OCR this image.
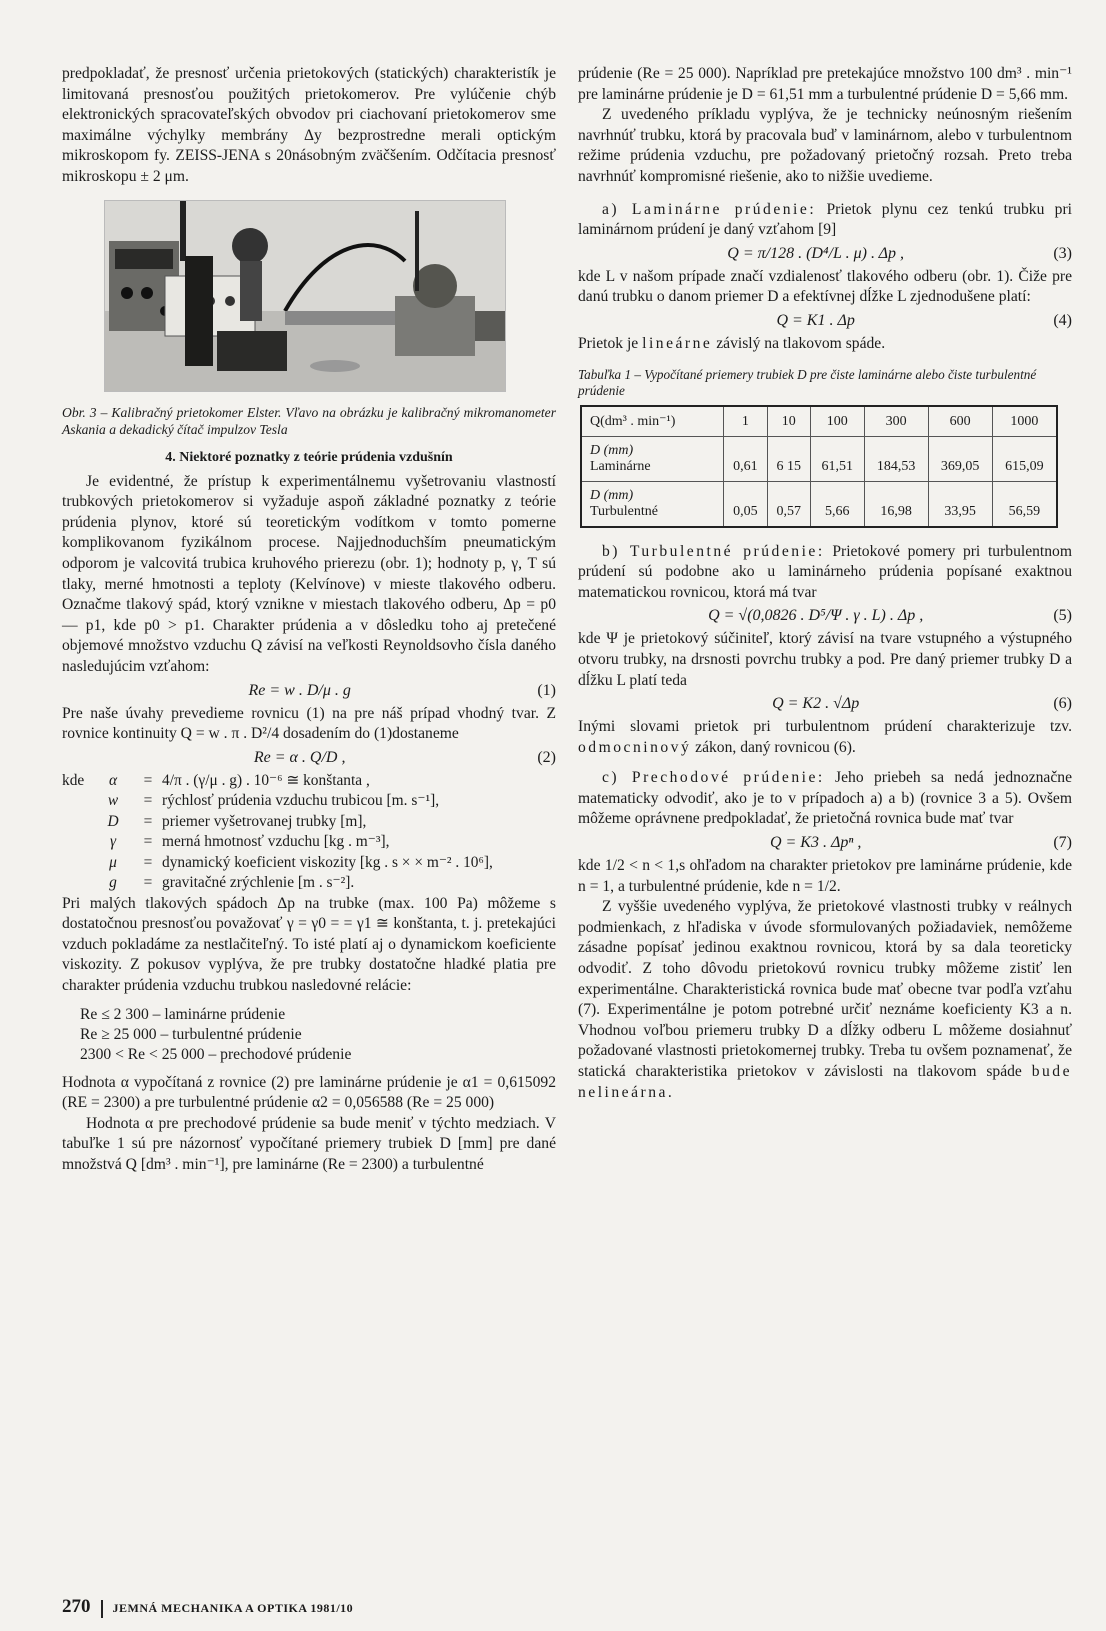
predpokladať, že presnosť určenia prietokových (statických) charakteristík je limitovaná presnosťou použitých prietokomerov. Pre vylúčenie chýb elektronických spracovateľských obvodov pri ciachovaní prietokomerov sme maximálne výchylky membrány Δy bezprostredne merali optickým mikroskopom fy. ZEISS-JENA s 20násobným zväčšením. Odčítacia presnosť mikroskopu ± 2 μm.

Obr. 3 – Kalibračný prietokomer Elster. Vľavo na obrázku je kalibračný mikromanometer Askania a dekadický čítač impulzov Tesla

4. Niektoré poznatky z teórie prúdenia vzdušnín

Je evidentné, že prístup k experimentálnemu vyšetrovaniu vlastností trubkových prietokomerov si vyžaduje aspoň základné poznatky z teórie prúdenia plynov, ktoré sú teoretickým vodítkom v tomto pomerne komplikovanom fyzikálnom procese. Najjednoduchším pneumatickým odporom je valcovitá trubica kruhového prierezu (obr. 1); hodnoty p, γ, T sú tlaky, merné hmotnosti a teploty (Kelvínove) v mieste tlakového odberu. Označme tlakový spád, ktorý vznikne v miestach tlakového odberu, Δp = p0 — p1, kde p0 > p1. Charakter prúdenia a v dôsledku toho aj pretečené objemové množstvo vzduchu Q závisí na veľkosti Reynoldsovho čísla daného nasledujúcim vzťahom:

Re = w . D/μ . g	(1)

Pre naše úvahy prevedieme rovnicu (1) na pre náš prípad vhodný tvar. Z rovnice kontinuity Q = w . π . D²/4 dosadením do (1)dostaneme

Re = α . Q/D ,	(2)
kde	α	= 4/π . (γ/μ . g) . 10⁻⁶ ≅ konštanta ,
w	= rýchlosť prúdenia vzduchu trubicou [m. s⁻¹],
D	= priemer vyšetrovanej trubky [m],
γ	= merná hmotnosť vzduchu [kg . m⁻³],
μ	= dynamický koeficient viskozity [kg . s × × m⁻² . 10⁶],
g	= gravitačné zrýchlenie [m . s⁻²].

Pri malých tlakových spádoch Δp na trubke (max. 100 Pa) môžeme s dostatočnou presnosťou považovať γ = γ0 = = γ1 ≅ konštanta, t. j. pretekajúci vzduch pokladáme za nestlačiteľný. To isté platí aj o dynamickom koeficiente viskozity. Z pokusov vyplýva, že pre trubky dostatočne hladké platia pre charakter prúdenia vzduchu trubkou nasledovné relácie:

Re ≤ 2 300 – laminárne prúdenie
Re ≥ 25 000 – turbulentné prúdenie
2300 < Re < 25 000 – prechodové prúdenie

Hodnota α vypočítaná z rovnice (2) pre laminárne prúdenie je α1 = 0,615092 (RE = 2300) a pre turbulentné prúdenie α2 = 0,056588 (Re = 25 000)

Hodnota α pre prechodové prúdenie sa bude meniť v týchto medziach. V tabuľke 1 sú pre názornosť vypočítané priemery trubiek D [mm] pre dané množstvá Q [dm³ . min⁻¹], pre laminárne (Re = 2300) a turbulentné

prúdenie (Re = 25 000). Napríklad pre pretekajúce množstvo 100 dm³ . min⁻¹ pre laminárne prúdenie je D = 61,51 mm a turbulentné prúdenie D = 5,66 mm.

Z uvedeného príkladu vyplýva, že je technicky neúnosným riešením navrhnúť trubku, ktorá by pracovala buď v laminárnom, alebo v turbulentnom režime prúdenia vzduchu, pre požadovaný prietočný rozsah. Preto treba navrhnúť kompromisné riešenie, ako to nižšie uvedieme.

a) Laminárne prúdenie: Prietok plynu cez tenkú trubku pri laminárnom prúdení je daný vzťahom [9]

Q = π/128 . (D⁴/L . μ) . Δp ,	(3)

kde L v našom prípade značí vzdialenosť tlakového odberu (obr. 1). Čiže pre danú trubku o danom priemer D a efektívnej dĺžke L zjednodušene platí:

Q = K1 . Δp	(4)

Prietok je lineárne závislý na tlakovom spáde.

Tabuľka 1 – Vypočítané priemery trubiek D pre čiste laminárne alebo čiste turbulentné prúdenie
Q(dm³ . min⁻¹)	1	10	100	300	600	1000

D (mm)
Laminárne	0,61	6 15	61,51	184,53	369,05	615,09

D (mm)
Turbulentné	0,05	0,57	5,66	16,98	33,95	56,59

b) Turbulentné prúdenie: Prietokové pomery pri turbulentnom prúdení sú podobne ako u laminárneho prúdenia popísané exaktnou matematickou rovnicou, ktorá má tvar

Q = √(0,0826 . D⁵/Ψ . γ . L) . Δp ,	(5)

kde Ψ je prietokový súčiniteľ, ktorý závisí na tvare vstupného a výstupného otvoru trubky, na drsnosti povrchu trubky a pod. Pre daný priemer trubky D a dĺžku L platí teda

Q = K2 . √Δp	(6)

Inými slovami prietok pri turbulentnom prúdení charakterizuje tzv. odmocninový zákon, daný rovnicou (6).

c) Prechodové prúdenie: Jeho priebeh sa nedá jednoznačne matematicky odvodiť, ako je to v prípadoch a) a b) (rovnice 3 a 5). Ovšem môžeme oprávnene predpokladať, že prietočná rovnica bude mať tvar

Q = K3 . Δpⁿ ,	(7)

kde 1/2 < n < 1,s ohľadom na charakter prietokov pre laminárne prúdenie, kde n = 1, a turbulentné prúdenie, kde n = 1/2.

Z vyššie uvedeného vyplýva, že prietokové vlastnosti trubky v reálnych podmienkach, z hľadiska v úvode sformulovaných požiadaviek, nemôžeme zásadne popísať jedinou exaktnou rovnicou, ktorá by sa dala teoreticky odvodiť. Z toho dôvodu prietokovú rovnicu trubky môžeme zistiť len experimentálne. Charakteristická rovnica bude mať obecne tvar podľa vzťahu (7). Experimentálne je potom potrebné určiť neznáme koeficienty K3 a n. Vhodnou voľbou priemeru trubky D a dĺžky odberu L môžeme dosiahnuť požadované vlastnosti prietokomernej trubky. Treba tu ovšem poznamenať, že statická charakteristika prietokov v závislosti na tlakovom spáde bude nelineárna.

270 JEMNÁ MECHANIKA A OPTIKA 1981/10
